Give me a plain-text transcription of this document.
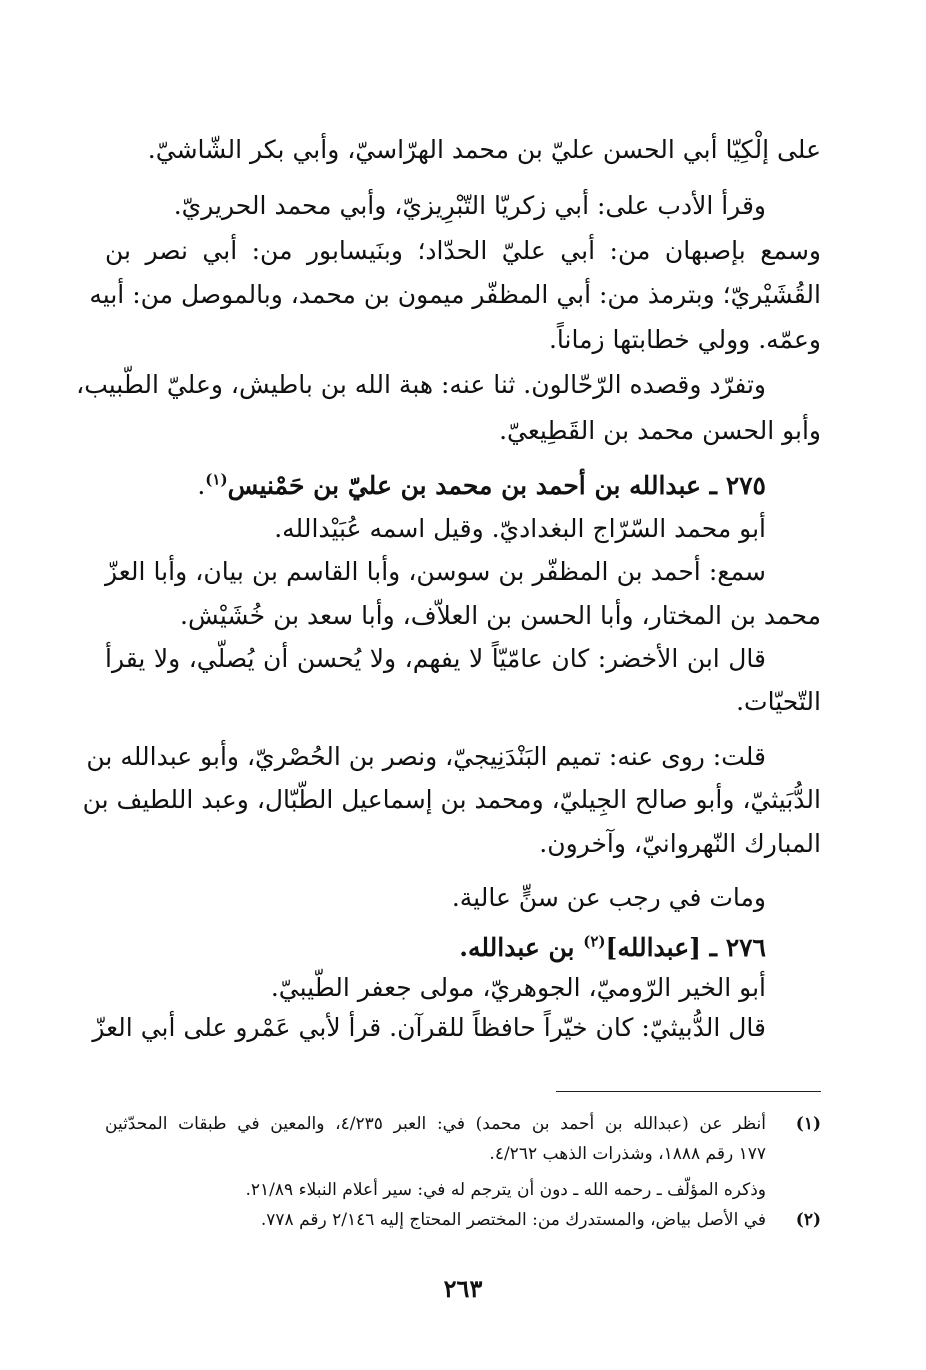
على إلْكِيّا أبي الحسن عليّ بن محمد الهرّاسيّ، وأبي بكر الشّاشيّ.
وقرأ الأدب على: أبي زكريّا التّبْرِيزيّ، وأبي محمد الحريريّ.
وسمع بإصبهان من: أبي عليّ الحدّاد؛ وبنَيسابور من: أبي نصر بن
القُشَيْريّ؛ وبترمذ من: أبي المظفّر ميمون بن محمد، وبالموصل من: أبيه
وعمّه. وولي خطابتها زماناً.
وتفرّد وقصده الرّحّالون. ثنا عنه: هبة الله بن باطيش، وعليّ الطّبيب،
وأبو الحسن محمد بن القَطِيعيّ.
٢٧٥ ـ عبدالله بن أحمد بن محمد بن عليّ بن حَمْنيس$^{(١)}$.
أبو محمد السّرّاج البغداديّ. وقيل اسمه عُبَيْدالله.
سمع: أحمد بن المظفّر بن سوسن، وأبا القاسم بن بيان، وأبا العزّ
محمد بن المختار، وأبا الحسن بن العلاّف، وأبا سعد بن خُشَيْش.
قال ابن الأخضر: كان عامّيّاً لا يفهم، ولا يُحسن أن يُصلّي، ولا يقرأ
التّحيّات.
قلت: روى عنه: تميم البَنْدَنِيجيّ، ونصر بن الحُصْريّ، وأبو عبدالله بن
الدُّبَيثيّ، وأبو صالح الجِيليّ، ومحمد بن إسماعيل الطّبّال، وعبد اللطيف بن
المبارك النّهروانيّ، وآخرون.
ومات في رجب عن سنٍّ عالية.
٢٧٦ ـ [عبدالله]$^{(٢)}$ بن عبدالله.
أبو الخير الرّوميّ، الجوهريّ، مولى جعفر الطّيبيّ.
قال الدُّبيثيّ: كان خيّراً حافظاً للقرآن. قرأ لأبي عَمْرو على أبي العزّ
(١)
أنظر عن (عبدالله بن أحمد بن محمد) في: العبر ٤/٢٣٥، والمعين في طبقات المحدّثين
١٧٧ رقم ١٨٨٨، وشذرات الذهب ٤/٢٦٢.
وذكره المؤلّف ـ رحمه الله ـ دون أن يترجم له في: سير أعلام النبلاء ٢١/٨٩.
(٢)
في الأصل بياض، والمستدرك من: المختصر المحتاج إليه ٢/١٤٦ رقم ٧٧٨.
٢٦٣
